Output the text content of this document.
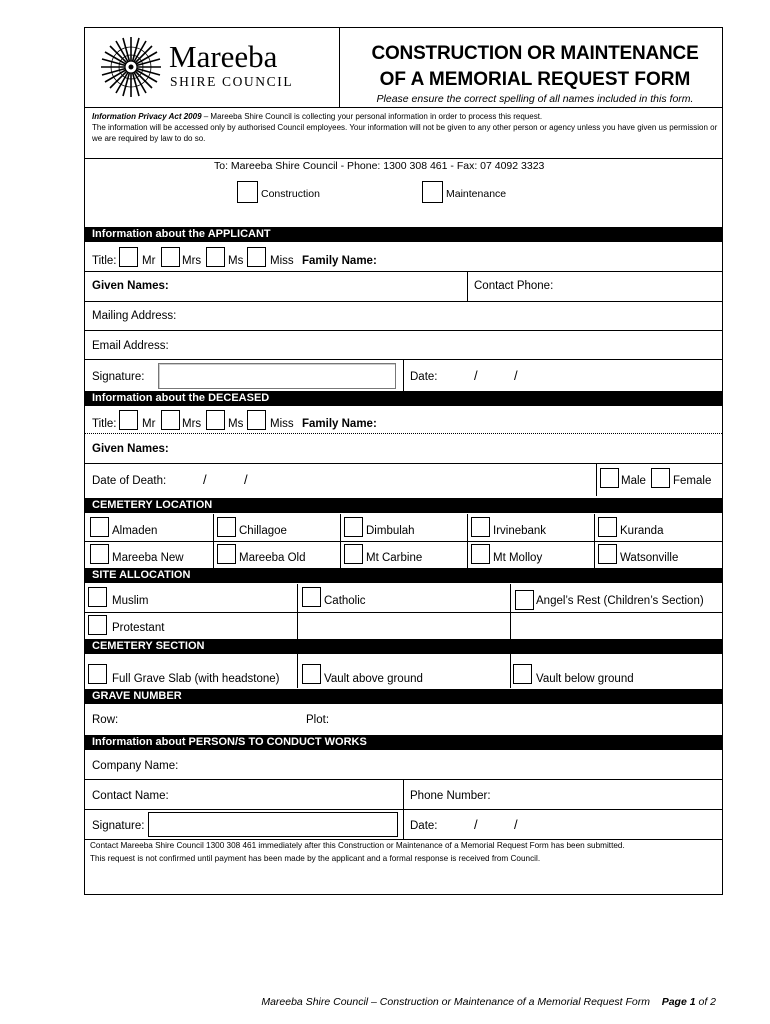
Mareeba
SHIRE COUNCIL
CONSTRUCTION OR MAINTENANCE
OF A MEMORIAL REQUEST FORM
Please ensure the correct spelling of all names included in this form.
Information Privacy Act 2009 – Mareeba Shire Council is collecting your personal information in order to process this request.
The information will be accessed only by authorised Council employees. Your information will not be given to any other person or agency unless you have given us permission or we are required by law to do so.
To: Mareeba Shire Council - Phone: 1300 308 461 - Fax: 07 4092 3323
Construction	Maintenance
Information about the APPLICANT
Title: Mr Mrs Ms Miss Family Name:
Given Names:	Contact Phone:
Mailing Address:
Email Address:
Signature:	Date:	/	/
Information about the DECEASED
Title: Mr Mrs Ms Miss Family Name:
Given Names:
Date of Death:	/	/	Male Female
CEMETERY LOCATION
Almaden	Chillagoe	Dimbulah	Irvinebank	Kuranda
Mareeba New	Mareeba Old	Mt Carbine	Mt Molloy	Watsonville
SITE ALLOCATION
Muslim	Catholic	Angel’s Rest (Children’s Section)
Protestant
CEMETERY SECTION
Full Grave Slab (with headstone)	Vault above ground	Vault below ground
GRAVE NUMBER
Row:	Plot:
Information about PERSON/S TO CONDUCT WORKS
Company Name:
Contact Name:	Phone Number:
Signature:	Date:	/	/
Contact Mareeba Shire Council 1300 308 461 immediately after this Construction or Maintenance of a Memorial Request Form has been submitted.
This request is not confirmed until payment has been made by the applicant and a formal response is received from Council.
Mareeba Shire Council – Construction or Maintenance of a Memorial Request Form Page 1 of 2
